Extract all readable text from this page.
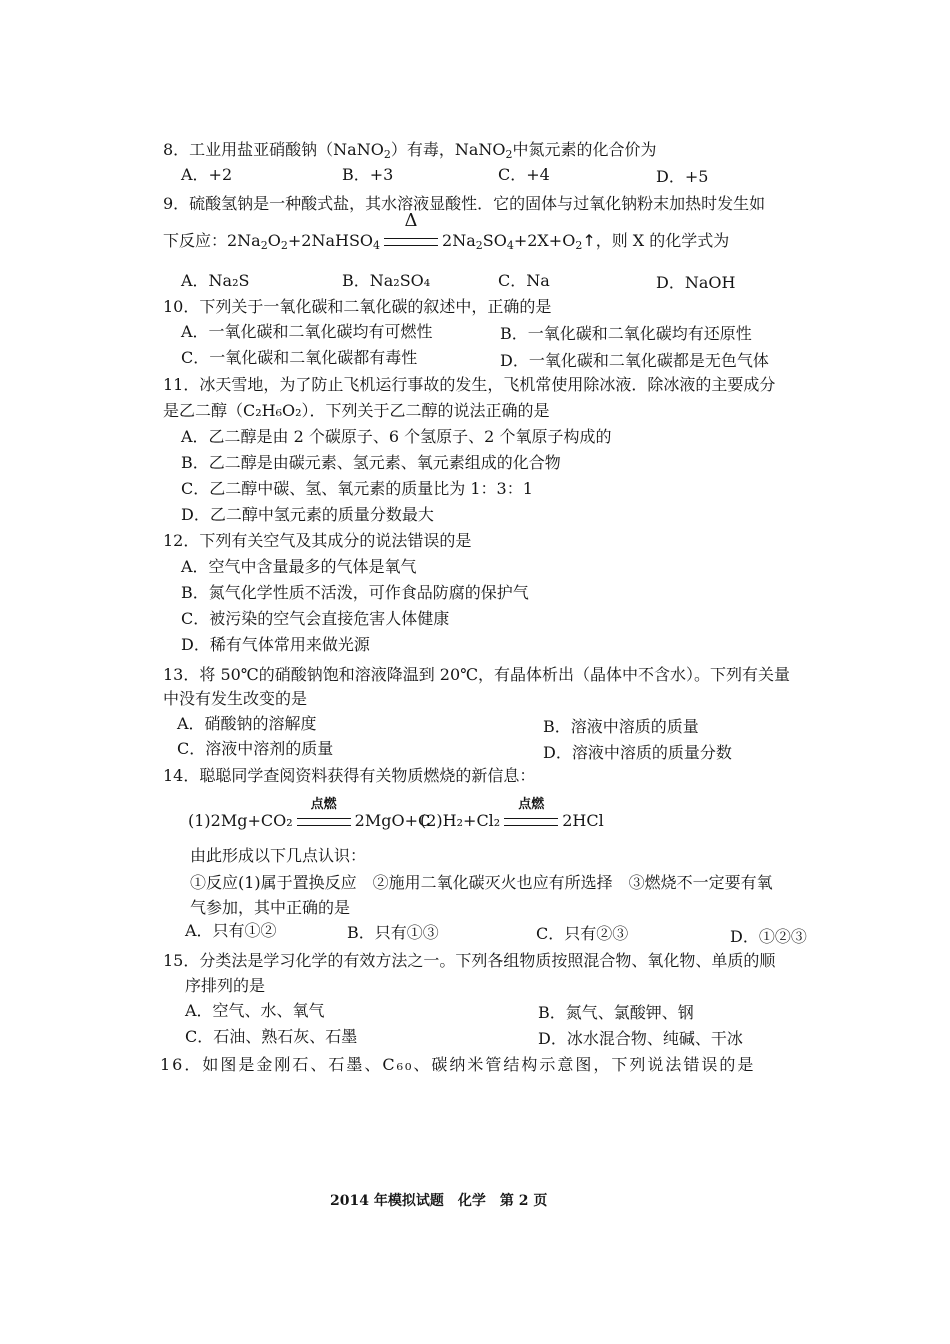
8．工业用盐亚硝酸钠（NaNO$_2$）有毒，NaNO$_2$中氮元素的化合价为
A．+2	B．+3	C．+4	D．+5
9．硫酸氢钠是一种酸式盐，其水溶液显酸性．它的固体与过氧化钠粉末加热时发生如
下反应：$2Na_2O_2+2NaHSO_4$
Δ
$2Na_2SO_4+2X+O_2↑$，则 X 的化学式为
A．Na₂S	B．Na₂SO₄	C．Na	D．NaOH
10．下列关于一氧化碳和二氧化碳的叙述中，正确的是
A．一氧化碳和二氧化碳均有可燃性	B．一氧化碳和二氧化碳均有还原性
C．一氧化碳和二氧化碳都有毒性	D．一氧化碳和二氧化碳都是无色气体
11．冰天雪地，为了防止飞机运行事故的发生，飞机常使用除冰液．除冰液的主要成分
是乙二醇（C₂H₆O₂）．下列关于乙二醇的说法正确的是
A．乙二醇是由 2 个碳原子、6 个氢原子、2 个氧原子构成的
B．乙二醇是由碳元素、氢元素、氧元素组成的化合物
C．乙二醇中碳、氢、氧元素的质量比为 1：3：1
D．乙二醇中氢元素的质量分数最大
12．下列有关空气及其成分的说法错误的是
A．空气中含量最多的气体是氧气
B．氮气化学性质不活泼，可作食品防腐的保护气
C．被污染的空气会直接危害人体健康
D．稀有气体常用来做光源
13．将 50℃的硝酸钠饱和溶液降温到 20℃，有晶体析出（晶体中不含水）。下列有关量
中没有发生改变的是
A．硝酸钠的溶解度	B．溶液中溶质的质量
C．溶液中溶剂的质量	D．溶液中溶质的质量分数
14．聪聪同学查阅资料获得有关物质燃烧的新信息：
(1)2Mg+CO₂
点燃
2MgO+C
(2)H₂+Cl₂
点燃
2HCl
由此形成以下几点认识：
①反应(1)属于置换反应　②施用二氧化碳灭火也应有所选择　③燃烧不一定要有氧
气参加，其中正确的是
A．只有①②	B．只有①③	C．只有②③	D．①②③
15．分类法是学习化学的有效方法之一。下列各组物质按照混合物、氧化物、单质的顺
序排列的是
A．空气、水、氧气	B．氮气、氯酸钾、钢
C．石油、熟石灰、石墨	D．冰水混合物、纯碱、干冰
16．如图是金刚石、石墨、C₆₀、碳纳米管结构示意图，下列说法错误的是
2014 年模拟试题 化学 第 2 页
